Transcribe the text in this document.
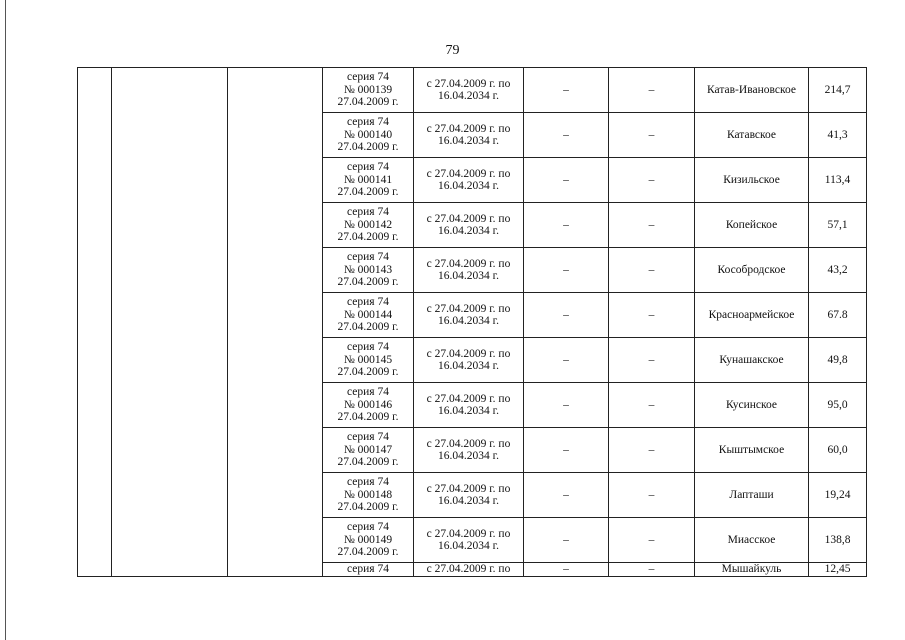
79
			серия 74
№ 000139
27.04.2009 г.	с 27.04.2009 г. по
16.04.2034 г.	–	–	Катав-Ивановское	214,7
			серия 74
№ 000140
27.04.2009 г.	с 27.04.2009 г. по
16.04.2034 г.	–	–	Катавское	41,3
			серия 74
№ 000141
27.04.2009 г.	с 27.04.2009 г. по
16.04.2034 г.	–	–	Кизильское	113,4
			серия 74
№ 000142
27.04.2009 г.	с 27.04.2009 г. по
16.04.2034 г.	–	–	Копейское	57,1
			серия 74
№ 000143
27.04.2009 г.	с 27.04.2009 г. по
16.04.2034 г.	–	–	Кособродское	43,2
			серия 74
№ 000144
27.04.2009 г.	с 27.04.2009 г. по
16.04.2034 г.	–	–	Красноармейское	67.8
			серия 74
№ 000145
27.04.2009 г.	с 27.04.2009 г. по
16.04.2034 г.	–	–	Кунашакское	49,8
			серия 74
№ 000146
27.04.2009 г.	с 27.04.2009 г. по
16.04.2034 г.	–	–	Кусинское	95,0
			серия 74
№ 000147
27.04.2009 г.	с 27.04.2009 г. по
16.04.2034 г.	–	–	Кыштымское	60,0
			серия 74
№ 000148
27.04.2009 г.	с 27.04.2009 г. по
16.04.2034 г.	–	–	Лапташи	19,24
			серия 74
№ 000149
27.04.2009 г.	с 27.04.2009 г. по
16.04.2034 г.	–	–	Миасское	138,8
			серия 74	с 27.04.2009 г. по	–	–	Мышайкуль	12,45
